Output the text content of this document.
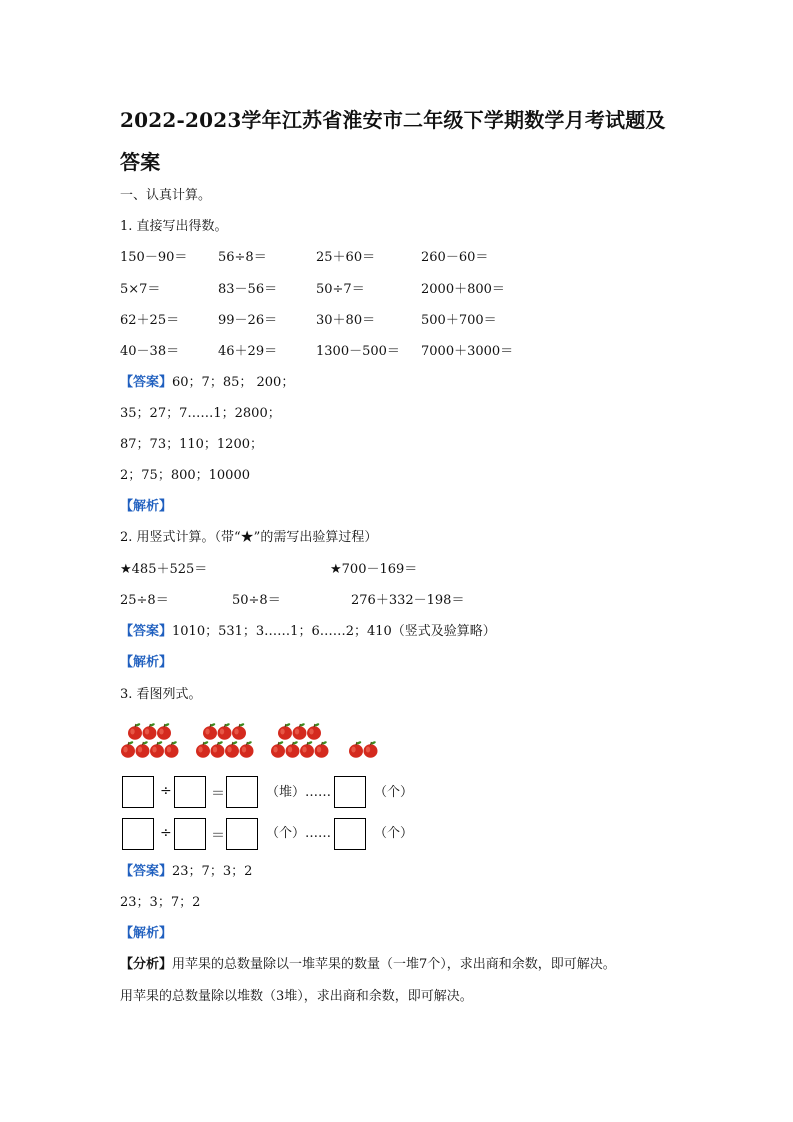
2022-2023学年江苏省淮安市二年级下学期数学月考试题及
答案
一、认真计算。
1. 直接写出得数。
150－90＝ 56÷8＝	25＋60＝	260－60＝
5×7＝	83－56＝	50÷7＝	2000＋800＝
62＋25＝	99－26＝	30＋80＝	500＋700＝
40－38＝	46＋29＝	1300－500＝ 7000＋3000＝
【答案】60；7；85； 200；
35；27；7……1；2800；
87；73；110；1200；
2；75；800；10000
【解析】
2. 用竖式计算。（带“★”的需写出验算过程）
★485＋525＝	★700－169＝
25÷8＝	50÷8＝	276＋332－198＝
【答案】1010；531；3……1；6……2；410（竖式及验算略）
【解析】
3. 看图列式。
÷	＝	（堆）……	（个）
÷	＝	（个）……	（个）
【答案】23；7；3；2
23；3；7；2
【解析】
【分析】用苹果的总数量除以一堆苹果的数量（一堆7个），求出商和余数，即可解决。
用苹果的总数量除以堆数（3堆），求出商和余数，即可解决。
